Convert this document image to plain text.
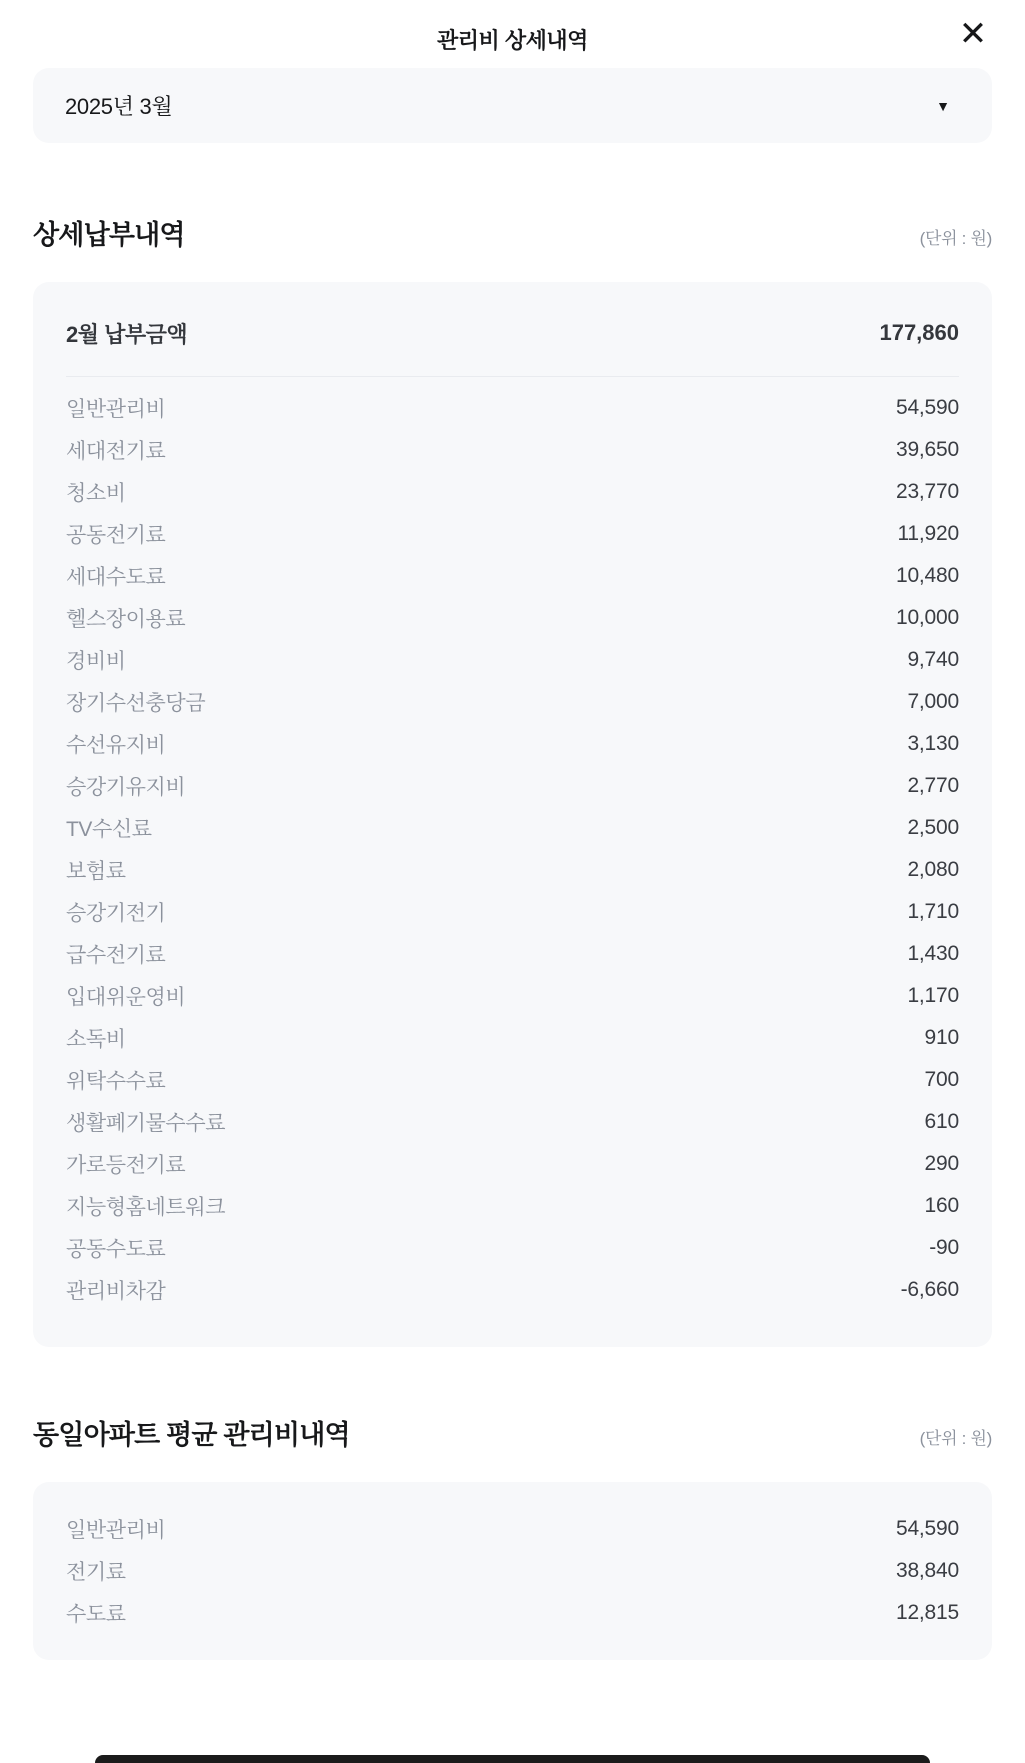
관리비 상세내역	✕
2025년 3월	▼
상세납부내역	(단위 : 원)
2월 납부금액	177,860
일반관리비	54,590
세대전기료	39,650
청소비	23,770
공동전기료	11,920
세대수도료	10,480
헬스장이용료	10,000
경비비	9,740
장기수선충당금	7,000
수선유지비	3,130
승강기유지비	2,770
TV수신료	2,500
보험료	2,080
승강기전기	1,710
급수전기료	1,430
입대위운영비	1,170
소독비	910
위탁수수료	700
생활폐기물수수료	610
가로등전기료	290
지능형홈네트워크	160
공동수도료	-90
관리비차감	-6,660
동일아파트 평균 관리비내역	(단위 : 원)
일반관리비	54,590
전기료	38,840
수도료	12,815
